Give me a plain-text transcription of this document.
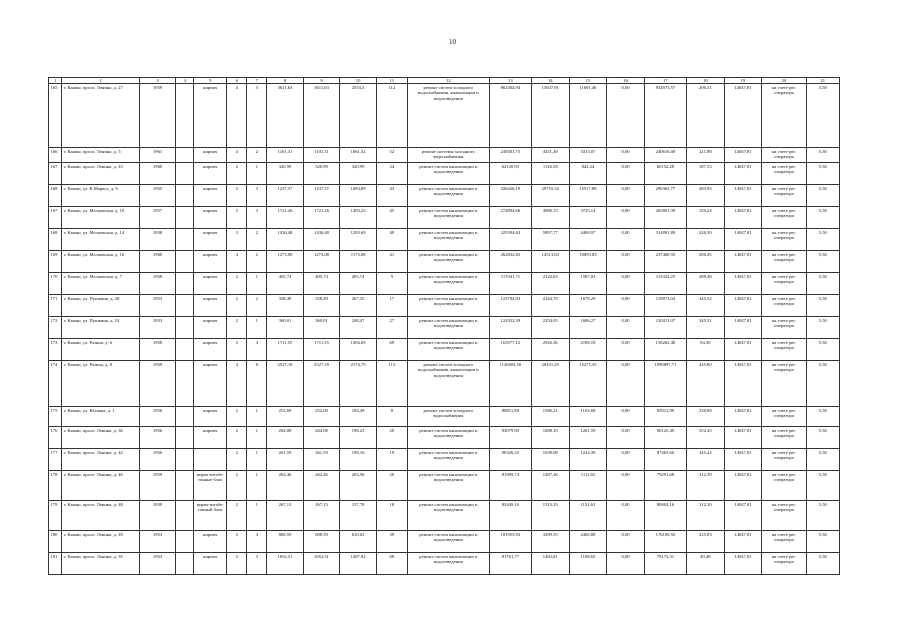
10
1	2	3	4	5	6	7	8	9	10	11	12	13	14	15	16	17	18	19	20	21
165	г. Канаш, просп. Ленина, д. 27	1959		кирпич	4	3	3611,63	3611,63	2553,5	112	ремонт систем холодного водоснабжения, канализации и водоотведения	862304,94	15637,91	11691,46	0,00	834975,57	206,31	14047,81	на счете рег. оператора	5,50
166	г. Канаш, просп. Ленина, д. 5	1961		кирпич	4	2	1101,31	1101,31	1061,32	52	ремонт системы холодного водоснабжения	248301,75	4431,48	3313,07	0,00	240616,00	221,88	14047,81	на счете рег. оператора	5,50
167	г. Канаш, просп. Ленина, д. 43	1960		кирпич	2	1	320,99	320,99	320,99	24	ремонт систем канализации и водоотведения	62120,93	1126,58	842,24	0,00	60152,28	187,53	14047,81	на счете рег. оператора	5,50
168	г. Канаш, ул. К.Маркса, д. 9	1955		кирпич	3	3	1237,57	1237,57	1083,89	43	ремонт систем канализации и водоотведения	326426,19	29755,34	15517,88	0,00	290362,77	283,93	14047,81	на счете рег. оператора	5,50
167	г. Канаш, ул. Московская, д. 10	1957		кирпич	3	3	1721,26	1721,26	1493,23	45	ремонт систем канализации и водоотведения	274894,66	4986,13	3725,14	0,00	265801,39	159,24	14047,81	на счете рег. оператора	5,50
168	г. Канаш, ул. Московская, д. 14	1958		кирпич	3	2	1436,48	1436,48	1293,69	49	ремонт систем канализации и водоотведения	325394,63	5897,77	4408,97	0,00	314891,89	226,39	14047,81	на счете рег. оператора	5,50
169	г. Канаш, ул. Московская, д. 16	1960		кирпич	4	2	1273,08	1273,08	1173,08	41	ремонт систем канализации и водоотведения	262832,82	14513,04	10859,83	0,00	237468,95	206,45	14047,81	на счете рег. оператора	5,50
170	г. Канаш, ул. Московская, д. 7	1958		кирпич	2	1	405,74	405,74	405,74	9	ремонт систем канализации и водоотведения	117041,71	2122,63	1587,03	0,00	113332,25	288,48	14047,81	на счете рег. оператора	5,50
171	г. Канаш, ул. Пушкина, д. 28	1953		кирпич	2	2	358,49	358,49	267,35	17	ремонт систем канализации и водоотведения	123794,93	2244,70	1678,29	0,00	119873,04	345,32	14047,81	на счете рег. оператора	5,50
172	г. Канаш, ул. Пушкина, д. 52	1953		кирпич	2	1	360,01	360,01	248,47	27	ремонт систем канализации и водоотведения	124352,39	2254,05	1686,27	0,00	120411,07	345,51	14047,81	на счете рег. оператора	5,50
173	г. Канаш, ул. Разина, д. 6	1958		кирпич	3	3	1711,55	1711,55	1494,69	69	ремонт систем канализации и водоотведения	163577,12	2926,36	2188,18	0,00	158262,40	94,30	14047,81	на счете рег. оператора	5,50
174	г. Канаш, ул. Разина, д. 8	1959		кирпич	4	8	2527,18	2527,18	2174,79	113	ремонт систем холодного водоснабжения, канализации и водоотведения	1126604,50	20431,29	15275,35	0,00	1090897,71	445,80	14047,81	на счете рег. оператора	5,50
175	г. Канаш, ул. Юлиана, д. 1	1956		кирпич	2	1	252,69	252,69	184,49	8	ремонт систем холодного водоснабжения	88811,88	1586,21	1163,68	0,00	85913,99	338,89	14047,81	на счете рег. оператора	5,50
176	г. Канаш, просп. Ленина, д. 36	1956		кирпич	2	1	264,08	264,08	198,23	20	ремонт систем канализации и водоотведения	93079,90	1688,10	1261,59	0,00	90125,49	352,45	14047,81	на счете рег. оператора	5,50
177	г. Канаш, просп. Ленина, д. 42	1956			2	1	261,59	261,59	198,16	19	ремонт систем канализации и водоотведения	90326,33	1638,08	1224,39	0,00	87463,66	345,42	14047,81	на счете рег. оператора	5,50
178	г. Канаш, просп. Ленина, д. 46	1959		керам-зитобе-тонные блок	2	1	262,46	262,46	203,56	20	ремонт систем канализации и водоотведения	81909,74	1487,26	1111,82	0,00	79291,68	312,39	14047,81	на счете рег. оператора	5,50
179	г. Канаш, просп. Ленина, д. 48	1959		керам-зитобе-тонный блок	2	1	267,13	267,13	157,78	18	ремонт систем канализации и водоотведения	83449,16	1513,35	1131,63	0,00	80804,16	312,39	14047,81	на счете рег. оператора	5,50
180	г. Канаш, просп. Ленина, д. 49	1953		кирпич	3	3	808,59	808,59	610,02	39	ремонт систем канализации и водоотведения	181955,93	3299,55	2466,88	0,00	176189,50	225,03	14047,81	на счете рег. оператора	5,50
181	г. Канаш, просп. Ленина, д. 35	1953		кирпич	3	3	1652,51	1652,51	1487,92	68	ремонт систем канализации и водоотведения	81761,77	1482,81	1108,65	0,00	79173,31	49,48	14047,81	на счете рег. оператора	5,50
